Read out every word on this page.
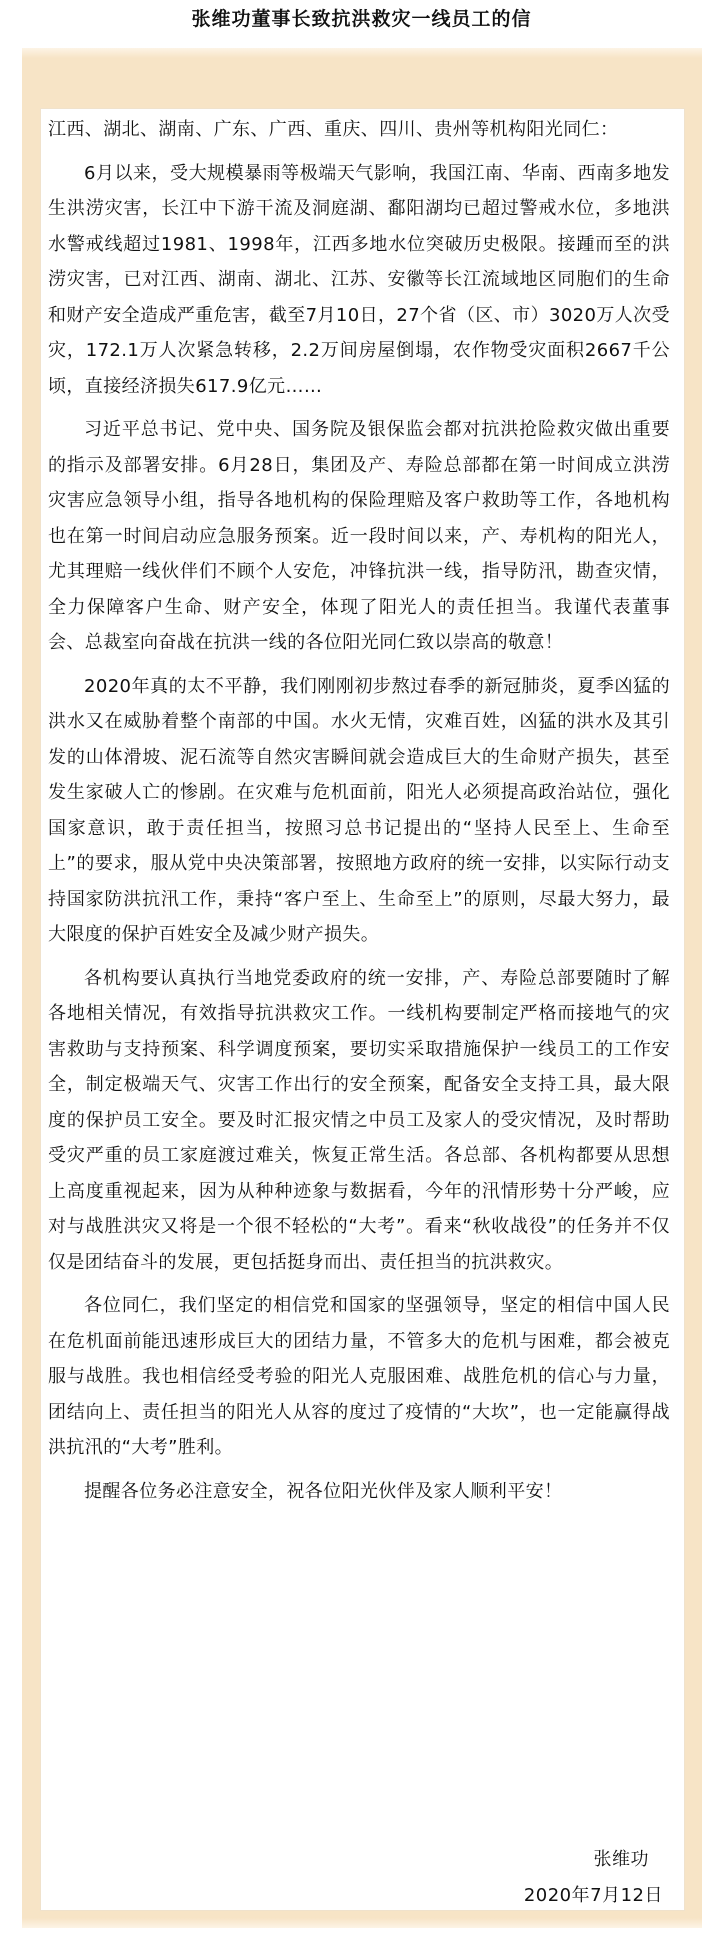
张维功董事长致抗洪救灾一线员工的信

江西、湖北、湖南、广东、广西、重庆、四川、贵州等机构阳光同仁：

6月以来，受大规模暴雨等极端天气影响，我国江南、华南、西南多地发生洪涝灾害，长江中下游干流及洞庭湖、鄱阳湖均已超过警戒水位，多地洪水警戒线超过1981、1998年，江西多地水位突破历史极限。接踵而至的洪涝灾害，已对江西、湖南、湖北、江苏、安徽等长江流域地区同胞们的生命和财产安全造成严重危害，截至7月10日，27个省（区、市）3020万人次受灾，172.1万人次紧急转移，2.2万间房屋倒塌，农作物受灾面积2667千公顷，直接经济损失617.9亿元……

习近平总书记、党中央、国务院及银保监会都对抗洪抢险救灾做出重要的指示及部署安排。6月28日，集团及产、寿险总部都在第一时间成立洪涝灾害应急领导小组，指导各地机构的保险理赔及客户救助等工作，各地机构也在第一时间启动应急服务预案。近一段时间以来，产、寿机构的阳光人，尤其理赔一线伙伴们不顾个人安危，冲锋抗洪一线，指导防汛，勘查灾情，全力保障客户生命、财产安全，体现了阳光人的责任担当。我谨代表董事会、总裁室向奋战在抗洪一线的各位阳光同仁致以崇高的敬意！

2020年真的太不平静，我们刚刚初步熬过春季的新冠肺炎，夏季凶猛的洪水又在威胁着整个南部的中国。水火无情，灾难百姓，凶猛的洪水及其引发的山体滑坡、泥石流等自然灾害瞬间就会造成巨大的生命财产损失，甚至发生家破人亡的惨剧。在灾难与危机面前，阳光人必须提高政治站位，强化国家意识，敢于责任担当，按照习总书记提出的“坚持人民至上、生命至上”的要求，服从党中央决策部署，按照地方政府的统一安排，以实际行动支持国家防洪抗汛工作，秉持“客户至上、生命至上”的原则，尽最大努力，最大限度的保护百姓安全及减少财产损失。

各机构要认真执行当地党委政府的统一安排，产、寿险总部要随时了解各地相关情况，有效指导抗洪救灾工作。一线机构要制定严格而接地气的灾害救助与支持预案、科学调度预案，要切实采取措施保护一线员工的工作安全，制定极端天气、灾害工作出行的安全预案，配备安全支持工具，最大限度的保护员工安全。要及时汇报灾情之中员工及家人的受灾情况，及时帮助受灾严重的员工家庭渡过难关，恢复正常生活。各总部、各机构都要从思想上高度重视起来，因为从种种迹象与数据看，今年的汛情形势十分严峻，应对与战胜洪灾又将是一个很不轻松的“大考”。看来“秋收战役”的任务并不仅仅是团结奋斗的发展，更包括挺身而出、责任担当的抗洪救灾。

各位同仁，我们坚定的相信党和国家的坚强领导，坚定的相信中国人民在危机面前能迅速形成巨大的团结力量，不管多大的危机与困难，都会被克服与战胜。我也相信经受考验的阳光人克服困难、战胜危机的信心与力量，团结向上、责任担当的阳光人从容的度过了疫情的“大坎”，也一定能赢得战洪抗汛的“大考”胜利。

提醒各位务必注意安全，祝各位阳光伙伴及家人顺利平安！

张维功
2020年7月12日
